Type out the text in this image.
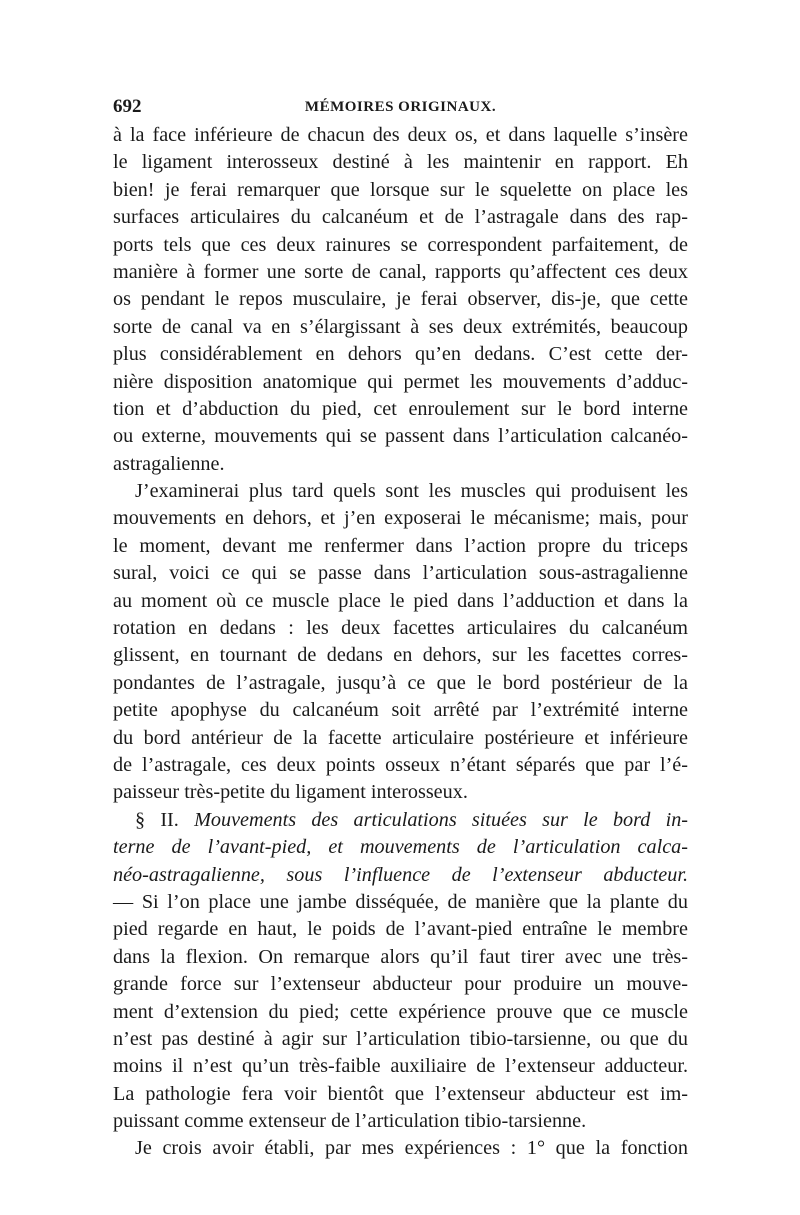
692	MÉMOIRES ORIGINAUX.
à la face inférieure de chacun des deux os, et dans laquelle s’insère
le ligament interosseux destiné à les maintenir en rapport. Eh
bien! je ferai remarquer que lorsque sur le squelette on place les
surfaces articulaires du calcanéum et de l’astragale dans des rap-
ports tels que ces deux rainures se correspondent parfaitement, de
manière à former une sorte de canal, rapports qu’affectent ces deux
os pendant le repos musculaire, je ferai observer, dis-je, que cette
sorte de canal va en s’élargissant à ses deux extrémités, beaucoup
plus considérablement en dehors qu’en dedans. C’est cette der-
nière disposition anatomique qui permet les mouvements d’adduc-
tion et d’abduction du pied, cet enroulement sur le bord interne
ou externe, mouvements qui se passent dans l’articulation calcanéo-
astragalienne.
J’examinerai plus tard quels sont les muscles qui produisent les
mouvements en dehors, et j’en exposerai le mécanisme; mais, pour
le moment, devant me renfermer dans l’action propre du triceps
sural, voici ce qui se passe dans l’articulation sous-astragalienne
au moment où ce muscle place le pied dans l’adduction et dans la
rotation en dedans : les deux facettes articulaires du calcanéum
glissent, en tournant de dedans en dehors, sur les facettes corres-
pondantes de l’astragale, jusqu’à ce que le bord postérieur de la
petite apophyse du calcanéum soit arrêté par l’extrémité interne
du bord antérieur de la facette articulaire postérieure et inférieure
de l’astragale, ces deux points osseux n’étant séparés que par l’é-
paisseur très-petite du ligament interosseux.
§ II. Mouvements des articulations situées sur le bord in-
terne de l’avant-pied, et mouvements de l’articulation calca-
néo-astragalienne, sous l’influence de l’extenseur abducteur.
— Si l’on place une jambe disséquée, de manière que la plante du
pied regarde en haut, le poids de l’avant-pied entraîne le membre
dans la flexion. On remarque alors qu’il faut tirer avec une très-
grande force sur l’extenseur abducteur pour produire un mouve-
ment d’extension du pied; cette expérience prouve que ce muscle
n’est pas destiné à agir sur l’articulation tibio-tarsienne, ou que du
moins il n’est qu’un très-faible auxiliaire de l’extenseur adducteur.
La pathologie fera voir bientôt que l’extenseur abducteur est im-
puissant comme extenseur de l’articulation tibio-tarsienne.
Je crois avoir établi, par mes expériences : 1° que la fonction
